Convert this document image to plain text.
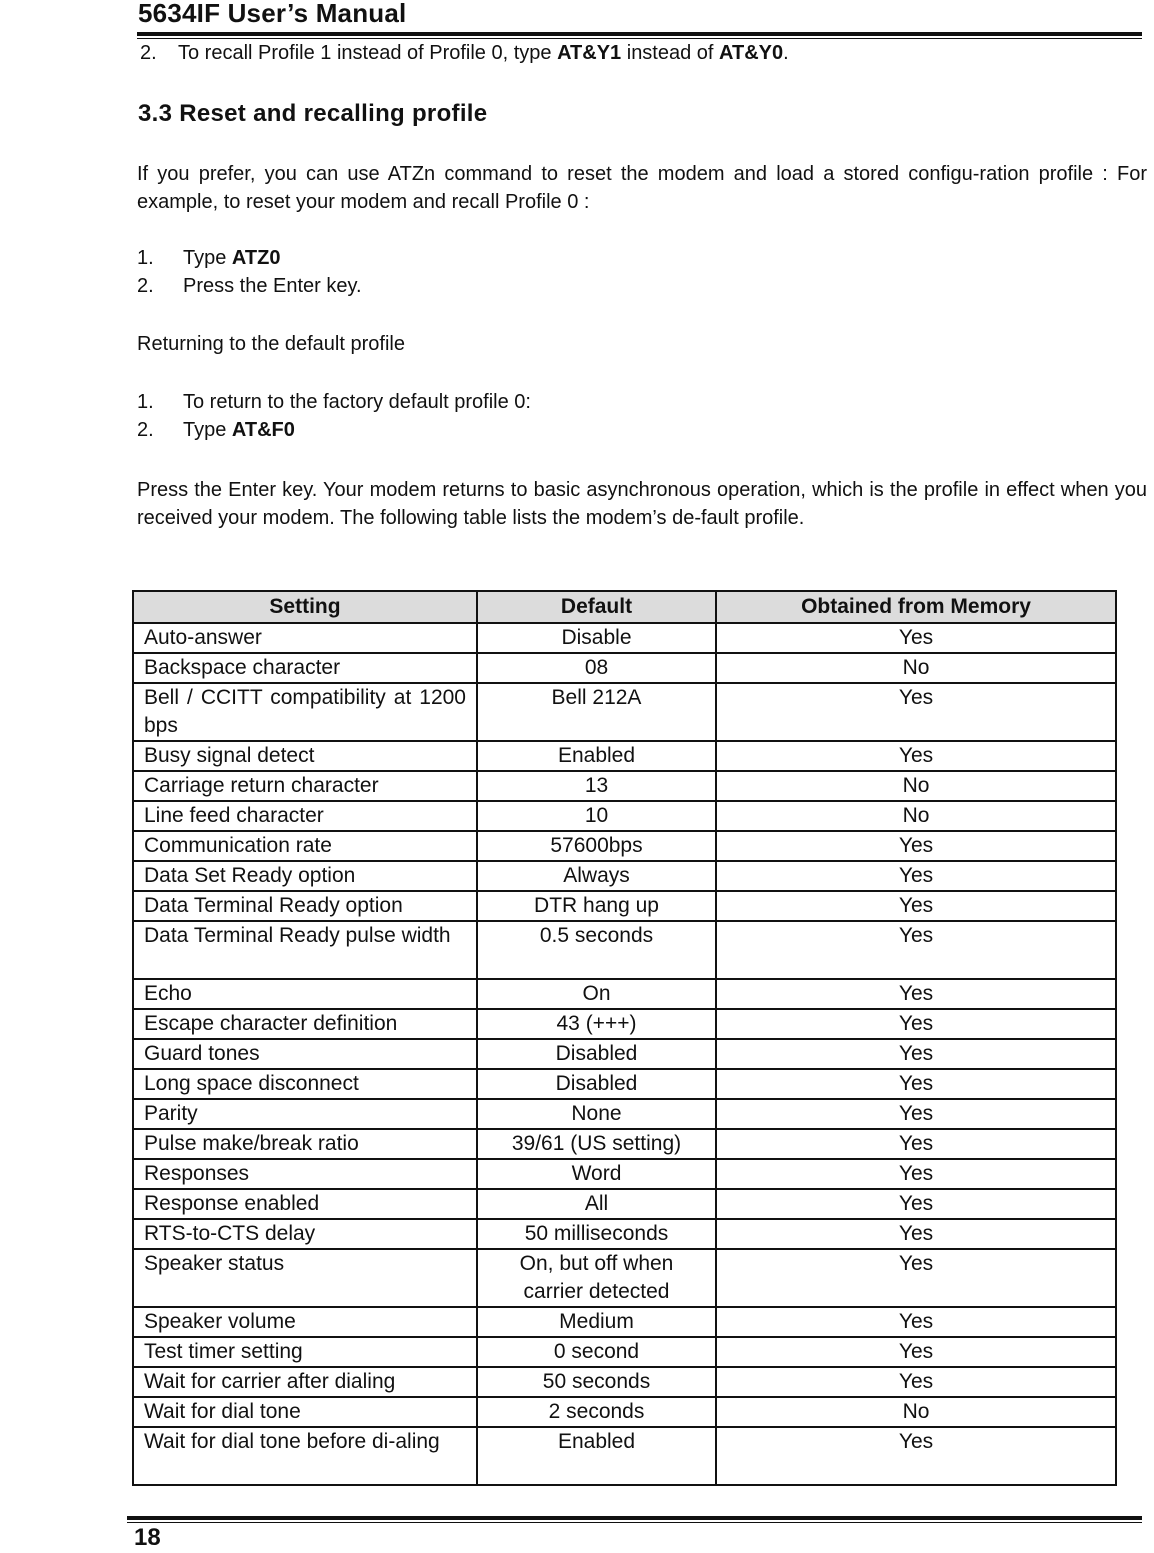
5634IF User’s Manual
2. To recall Profile 1 instead of Profile 0, type AT&Y1 instead of AT&Y0.
3.3 Reset and recalling profile
If you prefer, you can use ATZn command to reset the modem and load a stored configu-ration profile : For example, to reset your modem and recall Profile 0 :
1. Type ATZ0
2. Press the Enter key.
Returning to the default profile
1. To return to the factory default profile 0:
2. Type AT&F0
Press the Enter key. Your modem returns to basic asynchronous operation, which is the profile in effect when you received your modem. The following table lists the modem’s de-fault profile.
Setting	Default	Obtained from Memory
Auto-answer	Disable	Yes
Backspace character	08	No
Bell / CCITT compatibility at 1200 bps	Bell 212A	Yes
Busy signal detect	Enabled	Yes
Carriage return character	13	No
Line feed character	10	No
Communication rate	57600bps	Yes
Data Set Ready option	Always	Yes
Data Terminal Ready option	DTR hang up	Yes
Data Terminal Ready pulse width	0.5 seconds	Yes
Echo	On	Yes
Escape character definition	43 (+++)	Yes
Guard tones	Disabled	Yes
Long space disconnect	Disabled	Yes
Parity	None	Yes
Pulse make/break ratio	39/61 (US setting)	Yes
Responses	Word	Yes
Response enabled	All	Yes
RTS-to-CTS delay	50 milliseconds	Yes
Speaker status	On, but off when carrier detected	Yes
Speaker volume	Medium	Yes
Test timer setting	0 second	Yes
Wait for carrier after dialing	50 seconds	Yes
Wait for dial tone	2 seconds	No
Wait for dial tone before di-aling	Enabled	Yes
18
